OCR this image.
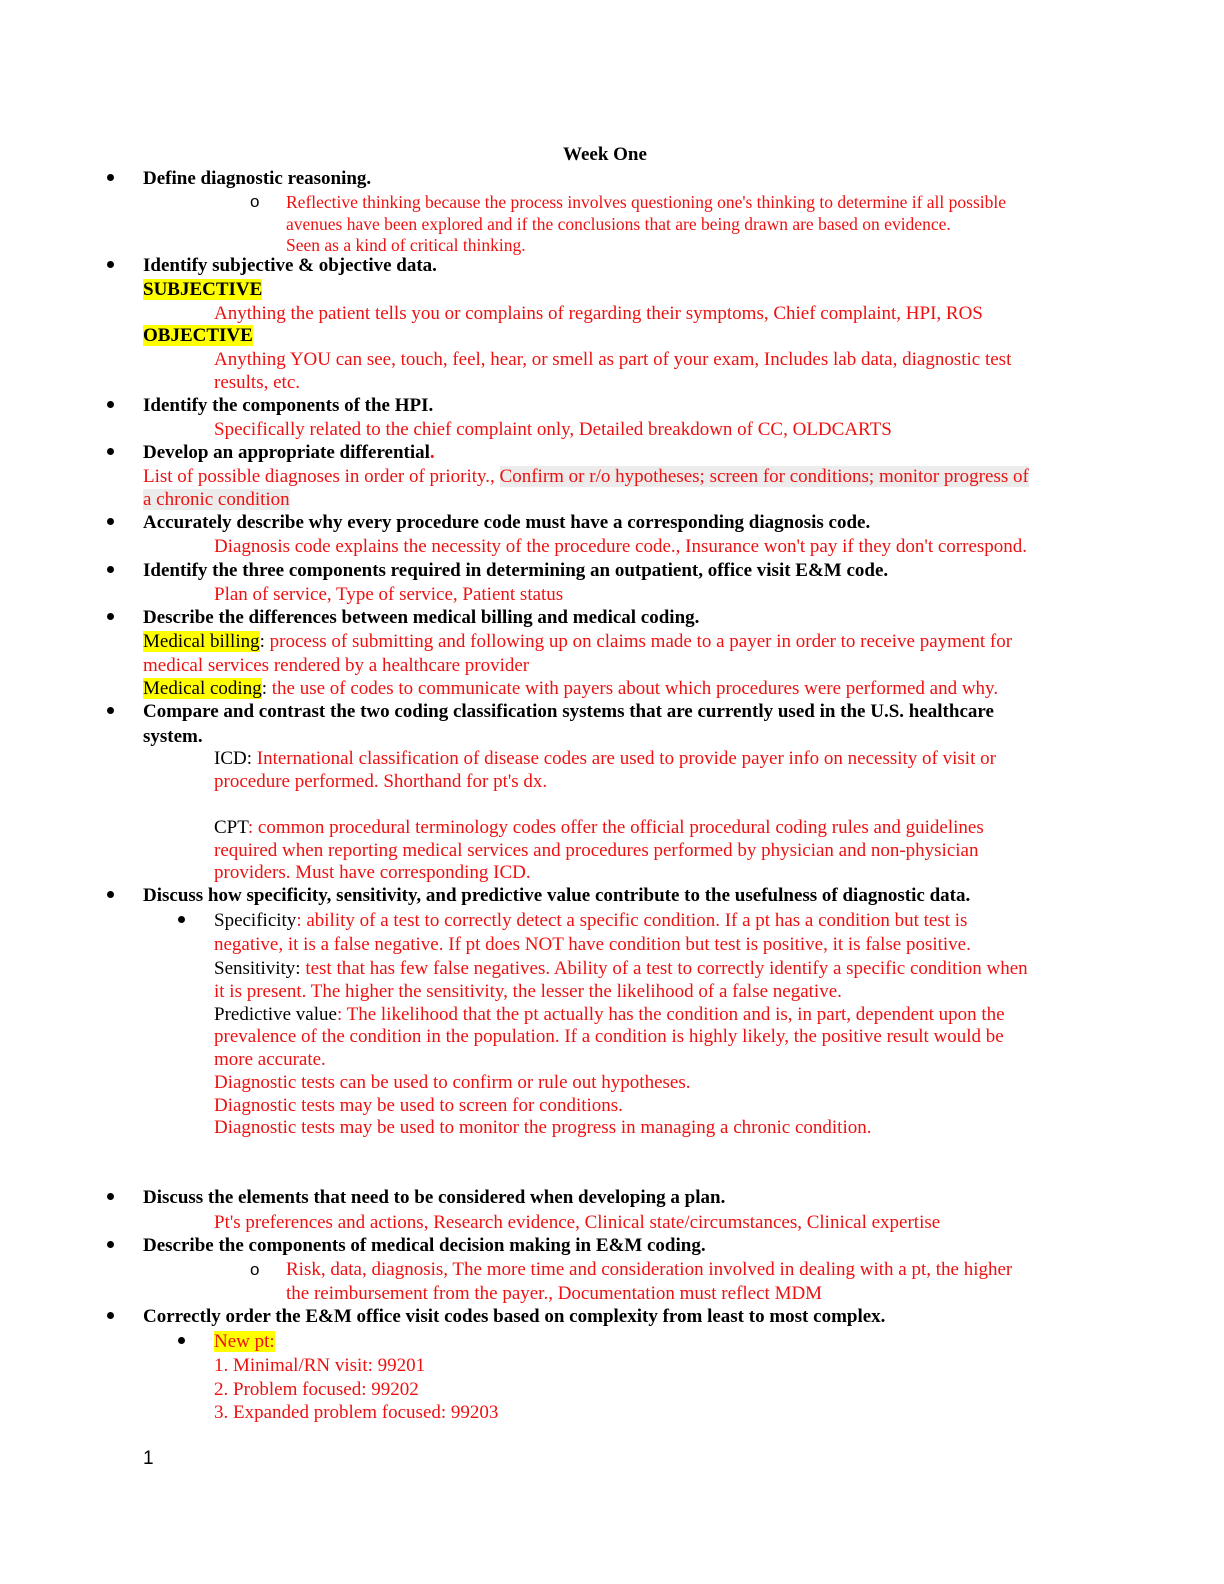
Week One
Define diagnostic reasoning.
o Reflective thinking because the process involves questioning one's thinking to determine if all possible
avenues have been explored and if the conclusions that are being drawn are based on evidence.
Seen as a kind of critical thinking.
Identify subjective & objective data.
SUBJECTIVE
Anything the patient tells you or complains of regarding their symptoms, Chief complaint, HPI, ROS
OBJECTIVE
Anything YOU can see, touch, feel, hear, or smell as part of your exam, Includes lab data, diagnostic test
results, etc.
Identify the components of the HPI.
Specifically related to the chief complaint only, Detailed breakdown of CC, OLDCARTS
Develop an appropriate differential.
List of possible diagnoses in order of priority., Confirm or r/o hypotheses; screen for conditions; monitor progress of
a chronic condition
Accurately describe why every procedure code must have a corresponding diagnosis code.
Diagnosis code explains the necessity of the procedure code., Insurance won't pay if they don't correspond.
Identify the three components required in determining an outpatient, office visit E&M code.
Plan of service, Type of service, Patient status
Describe the differences between medical billing and medical coding.
Medical billing: process of submitting and following up on claims made to a payer in order to receive payment for
medical services rendered by a healthcare provider
Medical coding: the use of codes to communicate with payers about which procedures were performed and why.
Compare and contrast the two coding classification systems that are currently used in the U.S. healthcare
system.
ICD: International classification of disease codes are used to provide payer info on necessity of visit or
procedure performed. Shorthand for pt's dx.
CPT: common procedural terminology codes offer the official procedural coding rules and guidelines
required when reporting medical services and procedures performed by physician and non-physician
providers. Must have corresponding ICD.
Discuss how specificity, sensitivity, and predictive value contribute to the usefulness of diagnostic data.
Specificity: ability of a test to correctly detect a specific condition. If a pt has a condition but test is
negative, it is a false negative. If pt does NOT have condition but test is positive, it is false positive.
Sensitivity: test that has few false negatives. Ability of a test to correctly identify a specific condition when
it is present. The higher the sensitivity, the lesser the likelihood of a false negative.
Predictive value: The likelihood that the pt actually has the condition and is, in part, dependent upon the
prevalence of the condition in the population. If a condition is highly likely, the positive result would be
more accurate.
Diagnostic tests can be used to confirm or rule out hypotheses.
Diagnostic tests may be used to screen for conditions.
Diagnostic tests may be used to monitor the progress in managing a chronic condition.
Discuss the elements that need to be considered when developing a plan.
Pt's preferences and actions, Research evidence, Clinical state/circumstances, Clinical expertise
Describe the components of medical decision making in E&M coding.
o Risk, data, diagnosis, The more time and consideration involved in dealing with a pt, the higher
the reimbursement from the payer., Documentation must reflect MDM
Correctly order the E&M office visit codes based on complexity from least to most complex.
New pt:
1. Minimal/RN visit: 99201
2. Problem focused: 99202
3. Expanded problem focused: 99203
1
